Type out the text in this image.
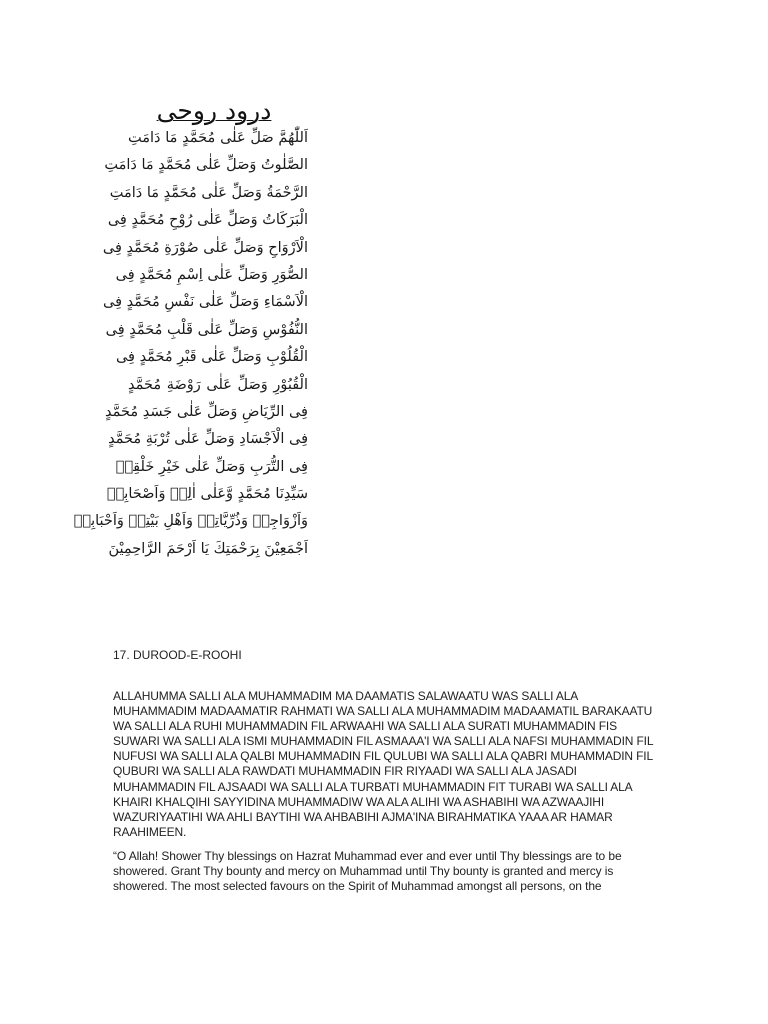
درود روحی
اَللّٰهُمَّ صَلِّ عَلٰی مُحَمَّدٍ مَا دَامَتِ
الصَّلٰوتُ وَصَلِّ عَلٰی مُحَمَّدٍ مَا دَامَتِ
الرَّحْمَةُ وَصَلِّ عَلٰی مُحَمَّدٍ مَا دَامَتِ
الْبَرَكَاتُ وَصَلِّ عَلٰی رُوْحِ مُحَمَّدٍ فِی
الْاَرْوَاحِ وَصَلِّ عَلٰی صُوْرَةِ مُحَمَّدٍ فِی
الصُّوَرِ وَصَلِّ عَلٰی اِسْمِ مُحَمَّدٍ فِی
الْاَسْمَاءِ وَصَلِّ عَلٰی نَفْسِ مُحَمَّدٍ فِی
النُّفُوْسِ وَصَلِّ عَلٰی قَلْبِ مُحَمَّدٍ فِی
الْقُلُوْبِ وَصَلِّ عَلٰی قَبْرِ مُحَمَّدٍ فِی
الْقُبُوْرِ وَصَلِّ عَلٰی رَوْضَةِ مُحَمَّدٍ
فِی الرِّيَاضِ وَصَلِّ عَلٰی جَسَدِ مُحَمَّدٍ
فِی الْاَجْسَادِ وَصَلِّ عَلٰی تُرْبَةِ مُحَمَّدٍ
فِی التُّرَبِ وَصَلِّ عَلٰی خَيْرِ خَلْقِهٖ
سَيِّدِنَا مُحَمَّدٍ وَّعَلٰی اٰلِهٖ وَاَصْحَابِهٖ
وَاَزْوَاجِهٖ وَذُرِّيَّاتِهٖ وَاَهْلِ بَيْتِهٖ وَاَحْبَابِهٖ
اَجْمَعِيْنَ بِرَحْمَتِكَ يَا اَرْحَمَ الرَّاحِمِيْنَ
17. DUROOD-E-ROOHI

ALLAHUMMA SALLI ALA MUHAMMADIM MA DAAMATIS SALAWAATU WAS SALLI ALA MUHAMMADIM MADAAMATIR RAHMATI WA SALLI ALA MUHAMMADIM MADAAMATIL BARAKAATU WA SALLI ALA RUHI MUHAMMADIN FIL ARWAAHI WA SALLI ALA SURATI MUHAMMADIN FIS SUWARI WA SALLI ALA ISMI MUHAMMADIN FIL ASMAAA'I WA SALLI ALA NAFSI MUHAMMADIN FIL NUFUSI WA SALLI ALA QALBI MUHAMMADIN FIL QULUBI WA SALLI ALA QABRI MUHAMMADIN FIL QUBURI WA SALLI ALA RAWDATI MUHAMMADIN FIR RIYAADI WA SALLI ALA JASADI MUHAMMADIN FIL AJSAADI WA SALLI ALA TURBATI MUHAMMADIN FIT TURABI WA SALLI ALA KHAIRI KHALQIHI SAYYIDINA MUHAMMADIW WA ALA ALIHI WA ASHABIHI WA AZWAAJIHI WAZURIYAATIHI WA AHLI BAYTIHI WA AHBABIHI AJMA'INA BIRAHMATIKA YAAA AR HAMAR RAAHIMEEN.

“O Allah! Shower Thy blessings on Hazrat Muhammad ever and ever until Thy blessings are to be showered. Grant Thy bounty and mercy on Muhammad until Thy bounty is granted and mercy is showered. The most selected favours on the Spirit of Muhammad amongst all persons, on the
